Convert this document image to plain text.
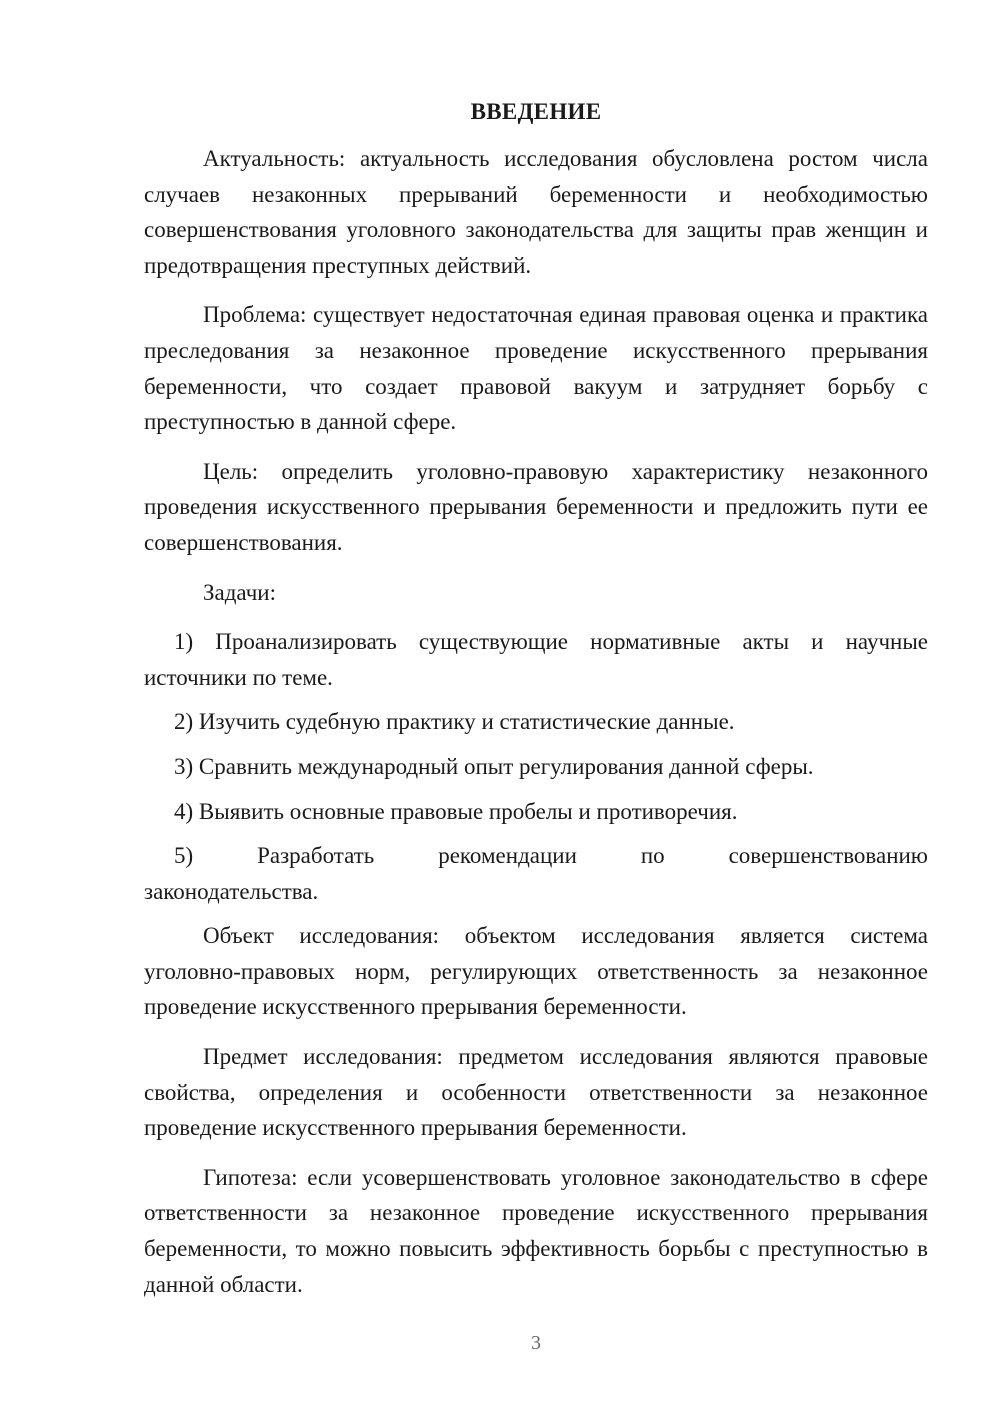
ВВЕДЕНИЕ

Актуальность: актуальность исследования обусловлена ростом числа случаев незаконных прерываний беременности и необходимостью совершенствования уголовного законодательства для защиты прав женщин и предотвращения преступных действий.

Проблема: существует недостаточная единая правовая оценка и практика преследования за незаконное проведение искусственного прерывания беременности, что создает правовой вакуум и затрудняет борьбу с преступностью в данной сфере.

Цель: определить уголовно-правовую характеристику незаконного проведения искусственного прерывания беременности и предложить пути ее совершенствования.

Задачи:

1) Проанализировать существующие нормативные акты и научные источники по теме.

2) Изучить судебную практику и статистические данные.

3) Сравнить международный опыт регулирования данной сферы.

4) Выявить основные правовые пробелы и противоречия.

5) Разработать рекомендации по совершенствованию законодательства.

Объект исследования: объектом исследования является система уголовно-правовых норм, регулирующих ответственность за незаконное проведение искусственного прерывания беременности.

Предмет исследования: предметом исследования являются правовые свойства, определения и особенности ответственности за незаконное проведение искусственного прерывания беременности.

Гипотеза: если усовершенствовать уголовное законодательство в сфере ответственности за незаконное проведение искусственного прерывания беременности, то можно повысить эффективность борьбы с преступностью в данной области.

3
